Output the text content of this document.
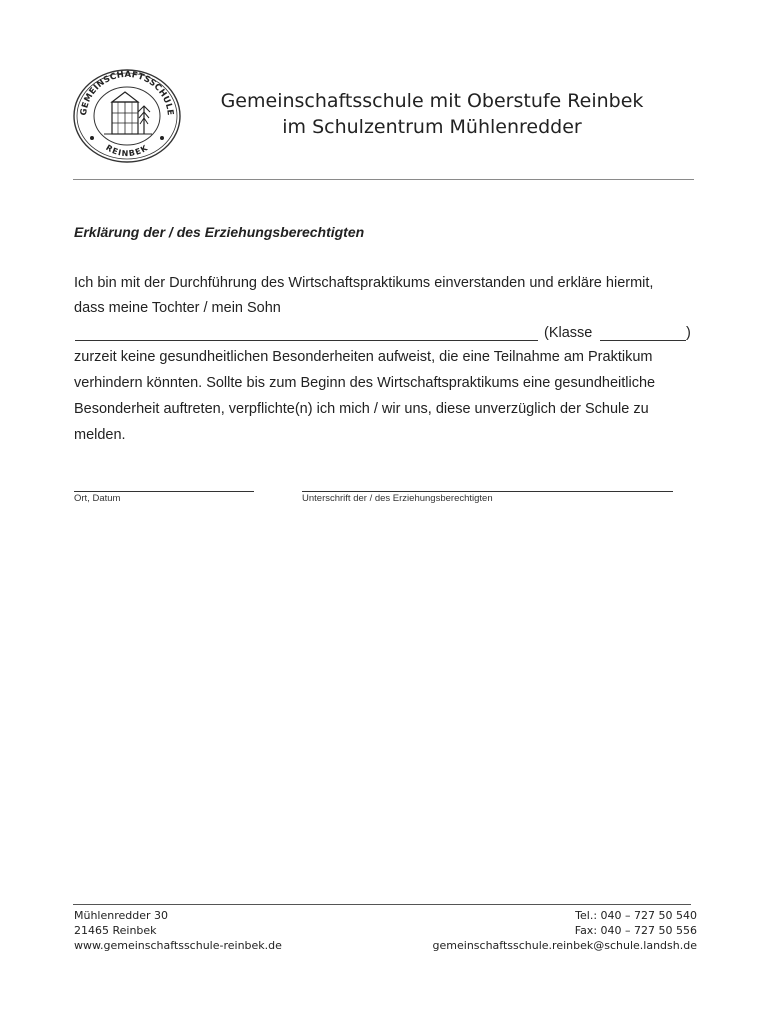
GEMEINSCHAFTSSCHULE
REINBEK
Gemeinschaftsschule mit Oberstufe Reinbek
im Schulzentrum Mühlenredder
Erklärung der / des Erziehungsberechtigten
Ich bin mit der Durchführung des Wirtschaftspraktikums einverstanden und erkläre hiermit,
dass meine Tochter / mein Sohn
(Klasse	)
zurzeit keine gesundheitlichen Besonderheiten aufweist, die eine Teilnahme am Praktikum
verhindern könnten. Sollte bis zum Beginn des Wirtschaftspraktikums eine gesundheitliche
Besonderheit auftreten, verpflichte(n) ich mich / wir uns, diese unverzüglich der Schule zu
melden.
Ort, Datum	Unterschrift der / des Erziehungsberechtigten
Mühlenredder 30
21465 Reinbek
www.gemeinschaftsschule-reinbek.de
Tel.: 040 – 727 50 540
Fax: 040 – 727 50 556
gemeinschaftsschule.reinbek@schule.landsh.de
